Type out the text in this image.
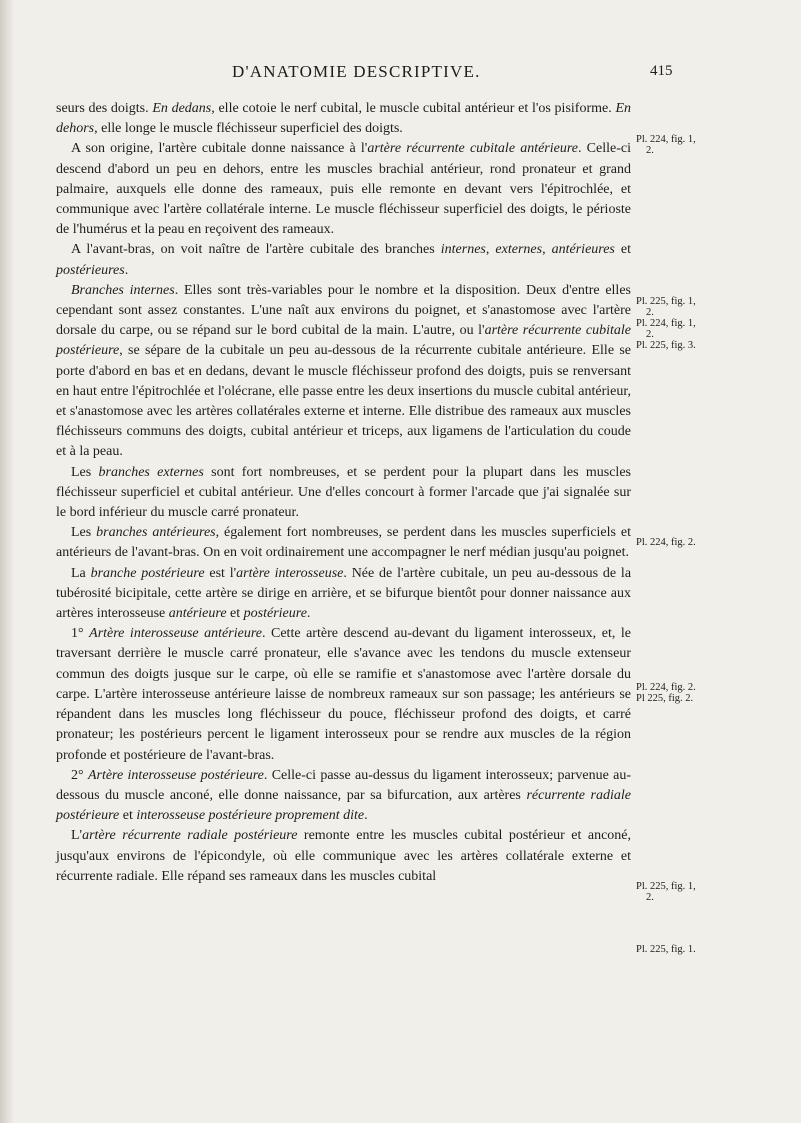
D'ANATOMIE DESCRIPTIVE.	415

seurs des doigts. En dedans, elle cotoie le nerf cubital, le muscle cubital antérieur et l'os pisiforme. En dehors, elle longe le muscle fléchisseur superficiel des doigts.

A son origine, l'artère cubitale donne naissance à l'artère récurrente cubitale antérieure. Celle-ci descend d'abord un peu en dehors, entre les muscles brachial antérieur, rond pronateur et grand palmaire, auxquels elle donne des rameaux, puis elle remonte en devant vers l'épitrochlée, et communique avec l'artère collatérale interne. Le muscle fléchisseur superficiel des doigts, le périoste de l'humérus et la peau en reçoivent des rameaux.

A l'avant-bras, on voit naître de l'artère cubitale des branches internes, externes, antérieures et postérieures.

Branches internes. Elles sont très-variables pour le nombre et la disposition. Deux d'entre elles cependant sont assez constantes. L'une naît aux environs du poignet, et s'anastomose avec l'artère dorsale du carpe, ou se répand sur le bord cubital de la main. L'autre, ou l'artère récurrente cubitale postérieure, se sépare de la cubitale un peu au-dessous de la récurrente cubitale antérieure. Elle se porte d'abord en bas et en dedans, devant le muscle fléchisseur profond des doigts, puis se renversant en haut entre l'épitrochlée et l'olécrane, elle passe entre les deux insertions du muscle cubital antérieur, et s'anastomose avec les artères collatérales externe et interne. Elle distribue des rameaux aux muscles fléchisseurs communs des doigts, cubital antérieur et triceps, aux ligamens de l'articulation du coude et à la peau.

Les branches externes sont fort nombreuses, et se perdent pour la plupart dans les muscles fléchisseur superficiel et cubital antérieur. Une d'elles concourt à former l'arcade que j'ai signalée sur le bord inférieur du muscle carré pronateur.

Les branches antérieures, également fort nombreuses, se perdent dans les muscles superficiels et antérieurs de l'avant-bras. On en voit ordinairement une accompagner le nerf médian jusqu'au poignet.

La branche postérieure est l'artère interosseuse. Née de l'artère cubitale, un peu au-dessous de la tubérosité bicipitale, cette artère se dirige en arrière, et se bifurque bientôt pour donner naissance aux artères interosseuse antérieure et postérieure.

1° Artère interosseuse antérieure. Cette artère descend au-devant du ligament interosseux, et, le traversant derrière le muscle carré pronateur, elle s'avance avec les tendons du muscle extenseur commun des doigts jusque sur le carpe, où elle se ramifie et s'anastomose avec l'artère dorsale du carpe. L'artère interosseuse antérieure laisse de nombreux rameaux sur son passage; les antérieurs se répandent dans les muscles long fléchisseur du pouce, fléchisseur profond des doigts, et carré pronateur; les postérieurs percent le ligament interosseux pour se rendre aux muscles de la région profonde et postérieure de l'avant-bras.

2° Artère interosseuse postérieure. Celle-ci passe au-dessus du ligament interosseux; parvenue au-dessous du muscle anconé, elle donne naissance, par sa bifurcation, aux artères récurrente radiale postérieure et interosseuse postérieure proprement dite.

L'artère récurrente radiale postérieure remonte entre les muscles cubital postérieur et anconé, jusqu'aux environs de l'épicondyle, où elle communique avec les artères collatérale externe et récurrente radiale. Elle répand ses rameaux dans les muscles cubital

Pl. 224, fig. 1,
2.
Pl. 225, fig. 1,
2.
Pl. 224, fig. 1,
2.
Pl. 225, fig. 3.
Pl. 224, fig. 2.
Pl. 224, fig. 2.
Pl 225, fig. 2.
Pl. 225, fig. 1,
2.
Pl. 225, fig. 1.
